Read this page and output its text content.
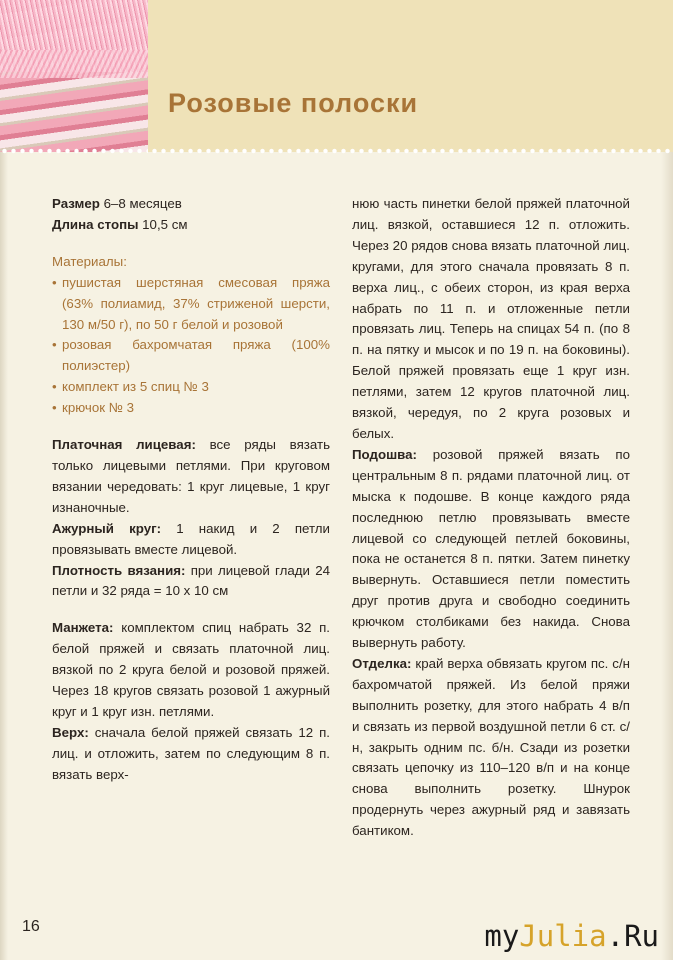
Розовые полоски

Размер 6–8 месяцев

Длина стопы 10,5 см

Материалы:

• пушистая шерстяная смесовая пряжа (63% полиамид, 37% стриженой шерсти, 130 м/50 г), по 50 г белой и розовой
• розовая бахромчатая пряжа (100% полиэстер)
• комплект из 5 спиц № 3
• крючок № 3

Платочная лицевая: все ряды вязать только лицевыми петлями. При круговом вязании чередовать: 1 круг лицевые, 1 круг изнаночные.

Ажурный круг: 1 накид и 2 петли провязывать вместе лицевой.

Плотность вязания: при лицевой глади 24 петли и 32 ряда = 10 х 10 см

Манжета: комплектом спиц набрать 32 п. белой пряжей и связать платочной лиц. вязкой по 2 круга белой и розовой пряжей. Через 18 кругов связать розовой 1 ажурный круг и 1 круг изн. петлями.

Верх: сначала белой пряжей связать 12 п. лиц. и отложить, затем по следующим 8 п. вязать верх-

нюю часть пинетки белой пряжей платочной лиц. вязкой, оставшиеся 12 п. отложить. Через 20 рядов снова вязать платочной лиц. кругами, для этого сначала провязать 8 п. верха лиц., с обеих сторон, из края верха набрать по 11 п. и отложенные петли провязать лиц. Теперь на спицах 54 п. (по 8 п. на пятку и мысок и по 19 п. на боковины). Белой пряжей провязать еще 1 круг изн. петлями, затем 12 кругов платочной лиц. вязкой, чередуя, по 2 круга розовых и белых.

Подошва: розовой пряжей вязать по центральным 8 п. рядами платочной лиц. от мыска к подошве. В конце каждого ряда последнюю петлю провязывать вместе лицевой со следующей петлей боковины, пока не останется 8 п. пятки. Затем пинетку вывернуть. Оставшиеся петли поместить друг против друга и свободно соединить крючком столбиками без накида. Снова вывернуть работу.

Отделка: край верха обвязать кругом пс. с/н бахромчатой пряжей. Из белой пряжи выполнить розетку, для этого набрать 4 в/п и связать из первой воздушной петли 6 ст. с/н, закрыть одним пс. б/н. Сзади из розетки связать цепочку из 110–120 в/п и на конце снова выполнить розетку. Шнурок продернуть через ажурный ряд и завязать бантиком.

16	myJulia.Ru
